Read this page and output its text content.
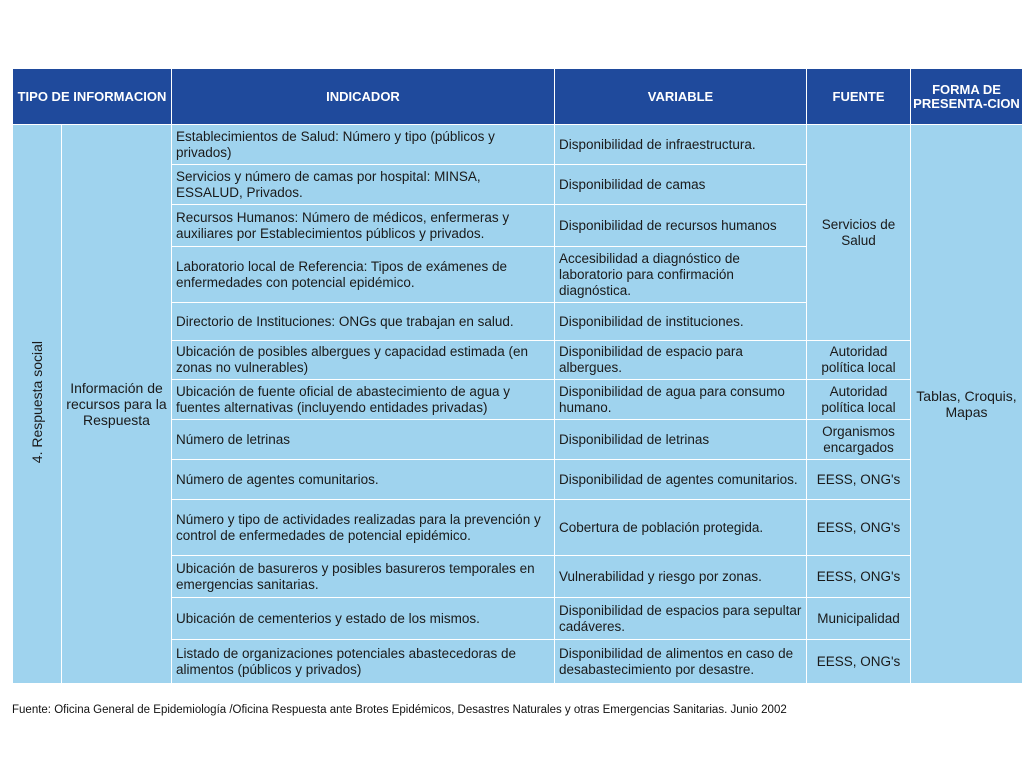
TIPO DE INFORMACION		INDICADOR	VARIABLE	FUENTE	FORMA DE PRESENTA-CION
4. Respuesta social	Información de recursos para la Respuesta	Establecimientos de Salud: Número y tipo (públicos y privados)	Disponibilidad de infraestructura.	Servicios de Salud	Tablas, Croquis, Mapas
		Servicios y número de camas por hospital: MINSA, ESSALUD, Privados.	Disponibilidad de camas		
		Recursos Humanos: Número de médicos, enfermeras y auxiliares por Establecimientos públicos y privados.	Disponibilidad de recursos humanos		
		Laboratorio local de Referencia: Tipos de exámenes de enfermedades con potencial epidémico.	Accesibilidad a diagnóstico de laboratorio para confirmación diagnóstica.		
		Directorio de Instituciones: ONGs que trabajan en salud.	Disponibilidad de instituciones.		
		Ubicación de posibles albergues y capacidad estimada (en zonas no vulnerables)	Disponibilidad de espacio para albergues.	Autoridad política local	
		Ubicación de fuente oficial de abastecimiento de agua y fuentes alternativas (incluyendo entidades privadas)	Disponibilidad de agua para consumo humano.	Autoridad política local	
		Número de letrinas	Disponibilidad de letrinas	Organismos encargados	
		Número de agentes comunitarios.	Disponibilidad de agentes comunitarios.	EESS, ONG's	
		Número y tipo de actividades realizadas para la prevención y control de enfermedades de potencial epidémico.	Cobertura de población protegida.	EESS, ONG's	
		Ubicación de basureros y posibles basureros temporales en emergencias sanitarias.	Vulnerabilidad y riesgo por zonas.	EESS, ONG's	
		Ubicación de cementerios y estado de los mismos.	Disponibilidad de espacios para sepultar cadáveres.	Municipalidad	
		Listado de organizaciones potenciales abastecedoras de alimentos (públicos y privados)	Disponibilidad de alimentos en caso de desabastecimiento por desastre.	EESS, ONG's	
Fuente: Oficina General de Epidemiología /Oficina Respuesta ante Brotes Epidémicos, Desastres Naturales y otras Emergencias Sanitarias. Junio 2002
